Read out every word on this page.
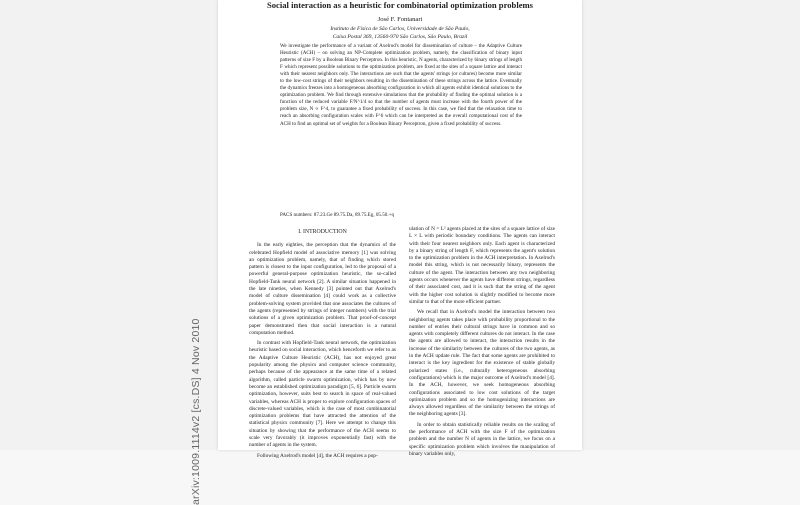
Social interaction as a heuristic for combinatorial optimization problems
José F. Fontanari
Instituto de Física de São Carlos, Universidade de São Paulo,
Caixa Postal 369, 13560-970 São Carlos, São Paulo, Brazil
We investigate the performance of a variant of Axelrod's model for dissemination of culture – the Adaptive Culture Heuristic (ACH) – on solving an NP-Complete optimization problem, namely, the classification of binary input patterns of size F by a Boolean Binary Perceptron. In this heuristic, N agents, characterized by binary strings of length F which represent possible solutions to the optimization problem, are fixed at the sites of a square lattice and interact with their nearest neighbors only. The interactions are such that the agents' strings (or cultures) become more similar to the low-cost strings of their neighbors resulting in the dissemination of these strings across the lattice. Eventually the dynamics freezes into a homogeneous absorbing configuration in which all agents exhibit identical solutions to the optimization problem. We find through extensive simulations that the probability of finding the optimal solution is a function of the reduced variable F/N^1/4 so that the number of agents must increase with the fourth power of the problem size, N ∝ F^4, to guarantee a fixed probability of success. In this case, we find that the relaxation time to reach an absorbing configuration scales with F^6 which can be interpreted as the overall computational cost of the ACH to find an optimal set of weights for a Boolean Binary Perceptron, given a fixed probability of success.
PACS numbers: 87.23.Ge 89.75.Da, 89.75.Eg, 05.50.+q
I. INTRODUCTION

In the early eighties, the perception that the dynamics of the celebrated Hopfield model of associative memory [1] was solving an optimization problem, namely, that of finding which stored pattern is closest to the input configuration, led to the proposal of a powerful general-purpose optimization heuristic, the so-called Hopfield-Tank neural network [2]. A similar situation happened in the late nineties, when Kennedy [3] pointed out that Axelrod's model of culture dissemination [4] could work as a collective problem-solving system provided that one associates the cultures of the agents (represented by strings of integer numbers) with the trial solutions of a given optimization problem. That proof-of-concept paper demonstrated then that social interaction is a natural computation method.

In contrast with Hopfield-Tank neural network, the optimization heuristic based on social interaction, which henceforth we refer to as the Adaptive Culture Heuristic (ACH), has not enjoyed great popularity among the physics and computer science community, perhaps because of the appearance at the same time of a related algorithm, called particle swarm optimization, which has by now become an established optimization paradigm [5, 6]. Particle swarm optimization, however, suits best to search in space of real-valued variables, whereas ACH is proper to explore configuration spaces of discrete-valued variables, which is the case of most combinatorial optimization problems that have attracted the attention of the statistical physics community [7]. Here we attempt to change this situation by showing that the performance of the ACH seems to scale very favorably (it improves exponentially fast) with the number of agents in the system.

Following Axelrod's model [4], the ACH requires a pop-

ulation of N = L² agents placed at the sites of a square lattice of size L × L with periodic boundary conditions. The agents can interact with their four nearest neighbors only. Each agent is characterized by a binary string of length F, which represents the agent's solution to the optimization problem in the ACH interpretation. In Axelrod's model this string, which is not necessarily binary, represents the culture of the agent. The interaction between any two neighboring agents occurs whenever the agents have different strings, regardless of their associated cost, and it is such that the string of the agent with the higher cost solution is slightly modified to become more similar to that of the more efficient partner.

We recall that in Axelrod's model the interaction between two neighboring agents takes place with probability proportional to the number of entries their cultural strings have in common and so agents with completely different cultures do not interact. In the case the agents are allowed to interact, the interaction results in the increase of the similarity between the cultures of the two agents, as in the ACH update rule. The fact that some agents are prohibited to interact is the key ingredient for the existence of stable globally polarized states (i.e., culturally heterogeneous absorbing configurations) which is the major outcome of Axelrod's model [4]. In the ACH, however, we seek homogeneous absorbing configurations associated to low cost solutions of the target optimization problem and so the homogenizing interactions are always allowed regardless of the similarity between the strings of the neighboring agents [3].

In order to obtain statistically reliable results on the scaling of the performance of ACH with the size F of the optimization problem and the number N of agents in the lattice, we focus on a specific optimization problem which involves the manipulation of binary variables only,

arXiv:1009.1114v2 [cs.DS] 4 Nov 2010
